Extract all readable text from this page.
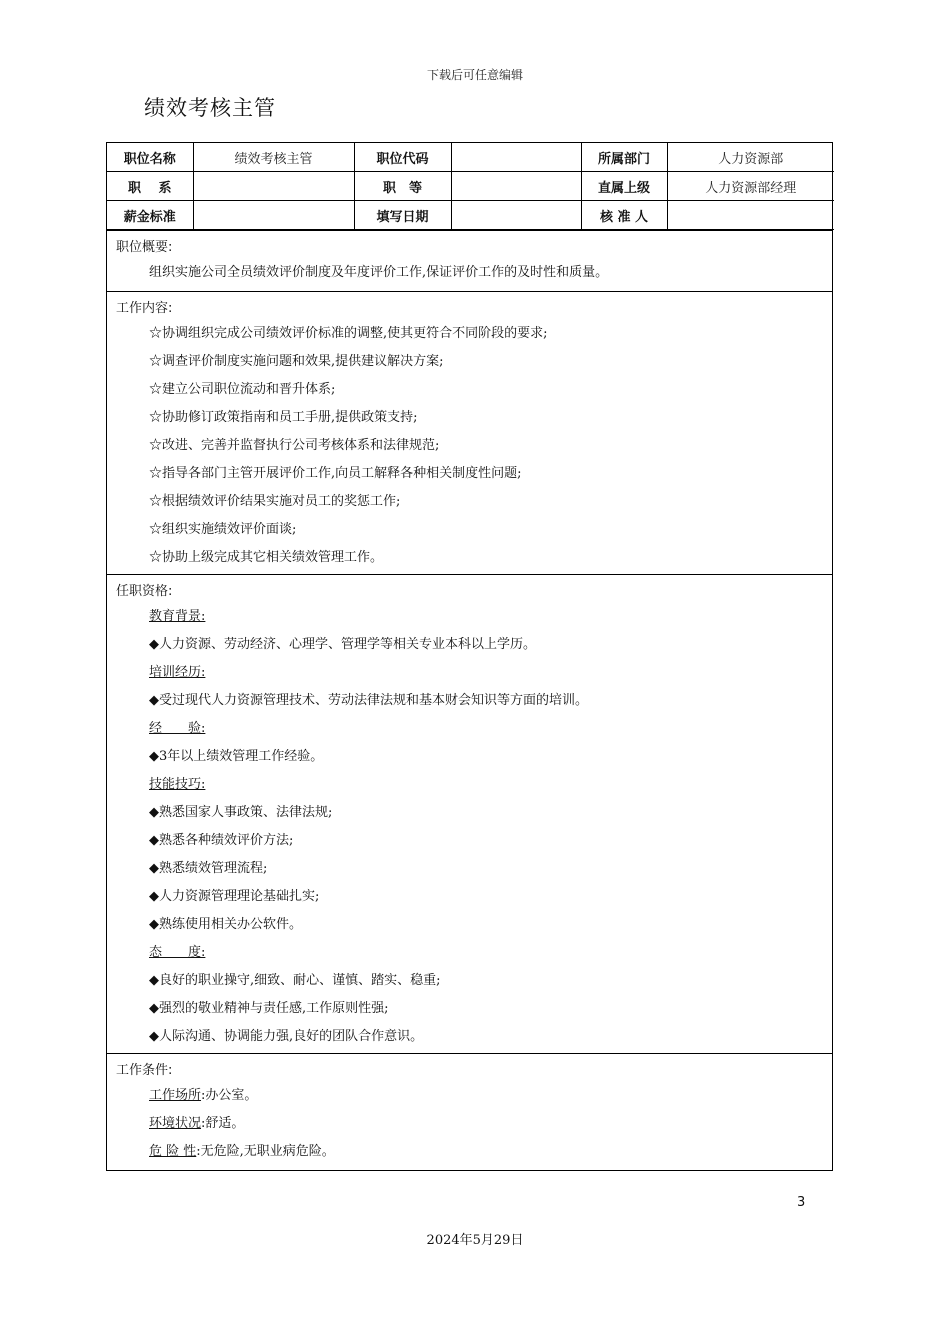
下载后可任意编辑
绩效考核主管
职位名称	绩效考核主管	职位代码		所属部门	人力资源部
职　 系		职　等		直属上级	人力资源部经理
薪金标准		填写日期		核 准 人	
职位概要:
组织实施公司全员绩效评价制度及年度评价工作,保证评价工作的及时性和质量。
工作内容:
☆协调组织完成公司绩效评价标准的调整,使其更符合不同阶段的要求;
☆调查评价制度实施问题和效果,提供建议解决方案;
☆建立公司职位流动和晋升体系;
☆协助修订政策指南和员工手册,提供政策支持;
☆改进、完善并监督执行公司考核体系和法律规范;
☆指导各部门主管开展评价工作,向员工解释各种相关制度性问题;
☆根据绩效评价结果实施对员工的奖惩工作;
☆组织实施绩效评价面谈;
☆协助上级完成其它相关绩效管理工作。
任职资格:
教育背景:
◆人力资源、劳动经济、心理学、管理学等相关专业本科以上学历。
培训经历:
◆受过现代人力资源管理技术、劳动法律法规和基本财会知识等方面的培训。
经　　验:
◆3年以上绩效管理工作经验。
技能技巧:
◆熟悉国家人事政策、法律法规;
◆熟悉各种绩效评价方法;
◆熟悉绩效管理流程;
◆人力资源管理理论基础扎实;
◆熟练使用相关办公软件。
态　　度:
◆良好的职业操守,细致、耐心、谨慎、踏实、稳重;
◆强烈的敬业精神与责任感,工作原则性强;
◆人际沟通、协调能力强,良好的团队合作意识。
工作条件:
工作场所:办公室。
环境状况:舒适。
危 险 性:无危险,无职业病危险。
3
2024年5月29日
